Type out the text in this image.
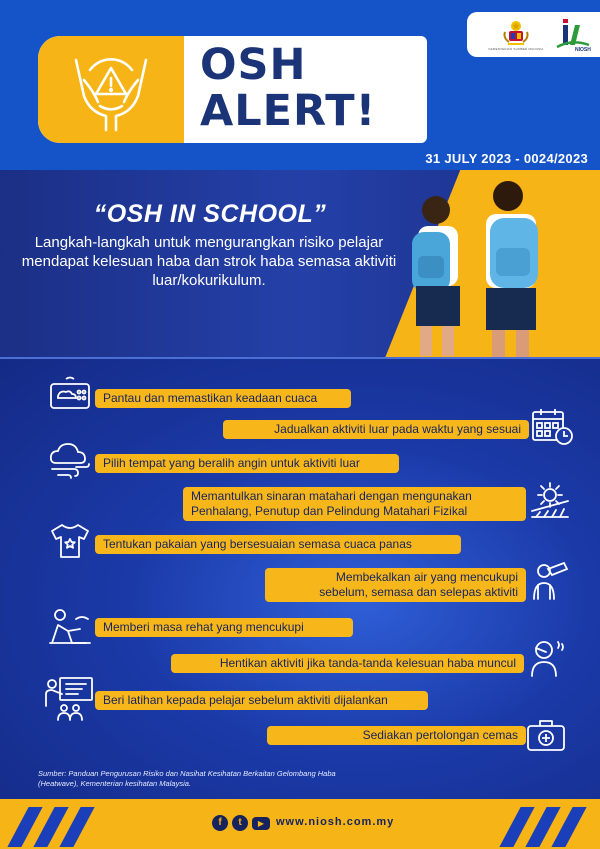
KEMENTERIAN SUMBER MANUSIA	NIOSH
OSH
ALERT!
31 JULY 2023 - 0024/2023
“OSH IN SCHOOL”
Langkah-langkah untuk mengurangkan risiko pelajar mendapat kelesuan haba dan strok haba semasa aktiviti luar/kokurikulum.
Pantau dan memastikan keadaan cuaca
Jadualkan aktiviti luar pada waktu yang sesuai
Pilih tempat yang beralih angin untuk aktiviti luar
Memantulkan sinaran matahari dengan mengunakan
Penhalang, Penutup dan Pelindung Matahari Fizikal
Tentukan pakaian yang bersesuaian semasa cuaca panas
Membekalkan air yang mencukupi
sebelum, semasa dan selepas aktiviti
Memberi masa rehat yang mencukupi
Hentikan aktiviti jika tanda-tanda kelesuan haba muncul
Beri latihan kepada pelajar sebelum aktiviti dijalankan
Sediakan pertolongan cemas
Sumber: Panduan Pengurusan Risiko dan Nasihat Kesihatan Berkaitan Gelombang Haba (Heatwave), Kementerian kesihatan Malaysia.
f	t	▶	www.niosh.com.my
